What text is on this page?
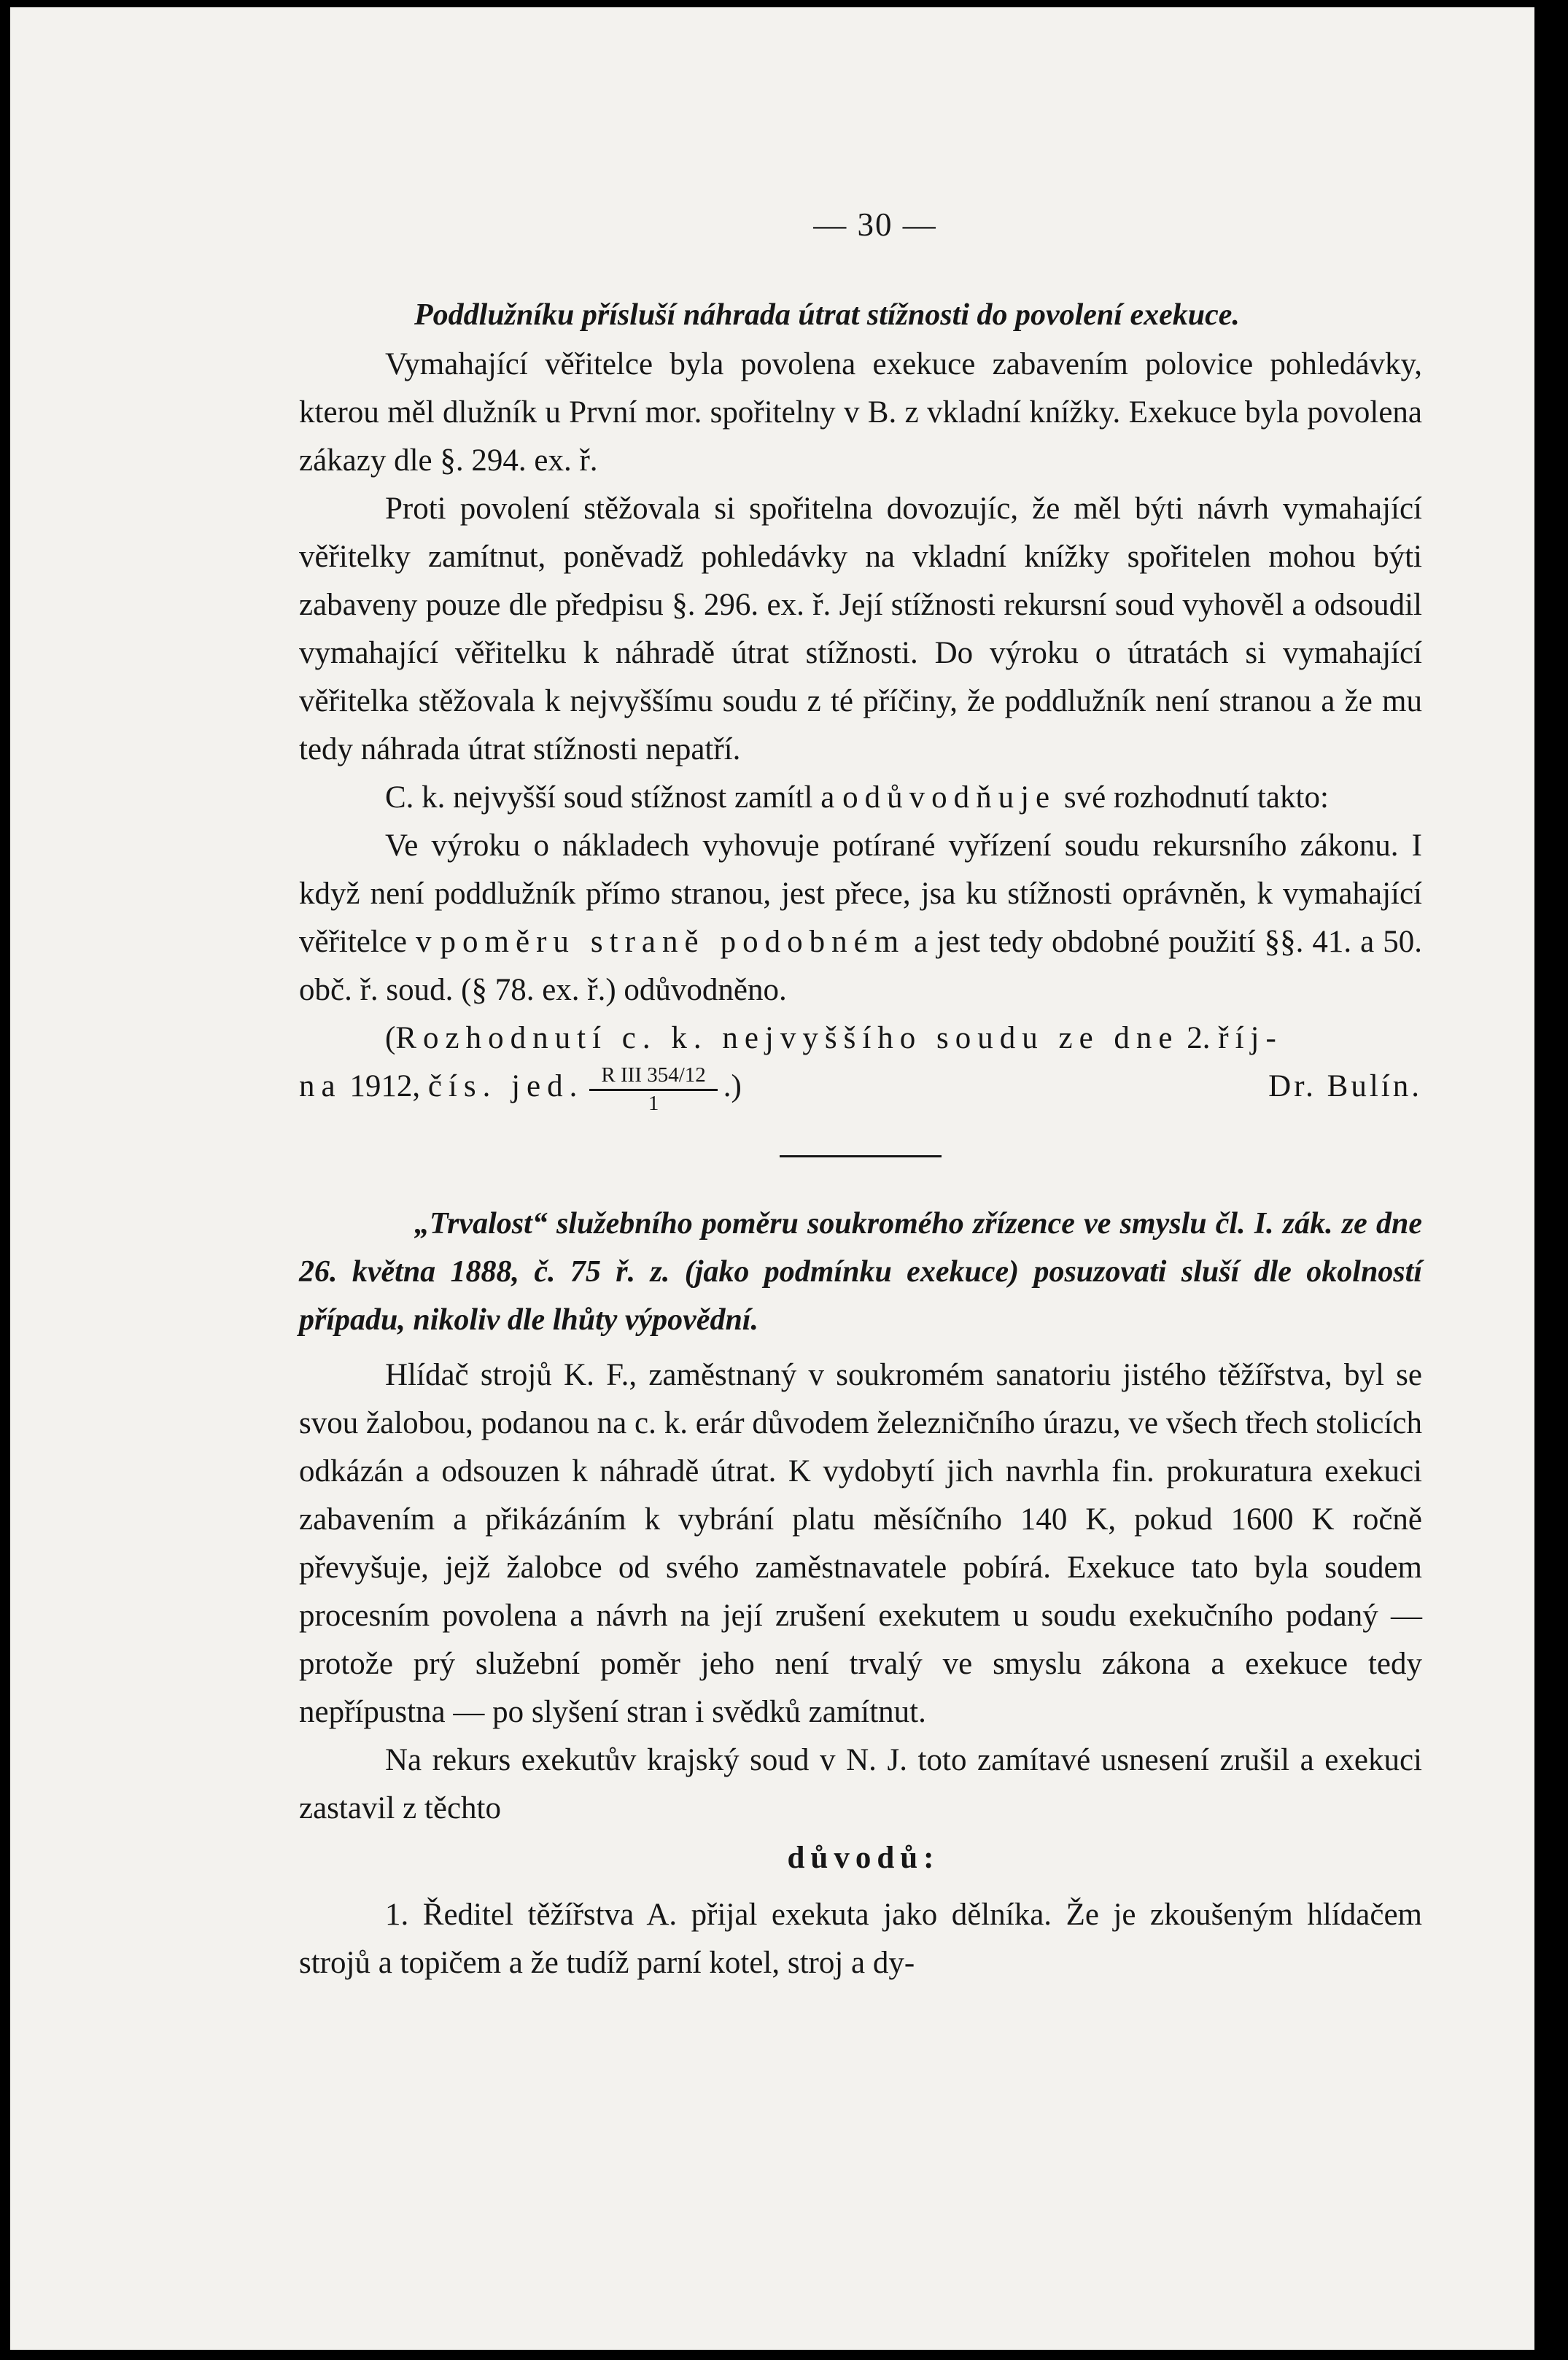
— 30 —

Poddlužníku přísluší náhrada útrat stížnosti do povolení exekuce.

Vymahající věřitelce byla povolena exekuce zabavením polovice pohledávky, kterou měl dlužník u První mor. spořitelny v B. z vkladní knížky. Exekuce byla povolena zákazy dle §. 294. ex. ř.

Proti povolení stěžovala si spořitelna dovozujíc, že měl býti návrh vymahající věřitelky zamítnut, poněvadž pohledávky na vkladní knížky spořitelen mohou býti zabaveny pouze dle předpisu §. 296. ex. ř. Její stížnosti rekursní soud vyhověl a odsoudil vymahající věřitelku k náhradě útrat stížnosti. Do výroku o útratách si vymahající věřitelka stěžovala k nejvyššímu soudu z té příčiny, že poddlužník není stranou a že mu tedy náhrada útrat stížnosti nepatří.

C. k. nejvyšší soud stížnost zamítl a odůvodňuje své rozhodnutí takto:

Ve výroku o nákladech vyhovuje potírané vyřízení soudu rekursního zákonu. I když není poddlužník přímo stranou, jest přece, jsa ku stížnosti oprávněn, k vymahající věřitelce v poměru straně podobném a jest tedy obdobné použití §§. 41. a 50. obč. ř. soud. (§ 78. ex. ř.) odůvodněno.

(Rozhodnutí c. k. nejvyššího soudu ze dne 2. říj-
na 1912, čís. jed. $\frac{\text{R III 354/12}}{1}$ .)	Dr. Bulín.

„Trvalost“ služebního poměru soukromého zřízence ve smyslu čl. I. zák. ze dne 26. května 1888, č. 75 ř. z. (jako podmínku exekuce) posuzovati sluší dle okolností případu, nikoliv dle lhůty výpovědní.

Hlídač strojů K. F., zaměstnaný v soukromém sanatoriu jistého těžířstva, byl se svou žalobou, podanou na c. k. erár důvodem železničního úrazu, ve všech třech stolicích odkázán a odsouzen k náhradě útrat. K vydobytí jich navrhla fin. prokuratura exekuci zabavením a přikázáním k vybrání platu měsíčního 140 K, pokud 1600 K ročně převyšuje, jejž žalobce od svého zaměstnavatele pobírá. Exekuce tato byla soudem procesním povolena a návrh na její zrušení exekutem u soudu exekučního podaný — protože prý služební poměr jeho není trvalý ve smyslu zákona a exekuce tedy nepřípustna — po slyšení stran i svědků zamítnut.

Na rekurs exekutův krajský soud v N. J. toto zamítavé usnesení zrušil a exekuci zastavil z těchto

důvodů:

1. Ředitel těžířstva A. přijal exekuta jako dělníka. Že je zkoušeným hlídačem strojů a topičem a že tudíž parní kotel, stroj a dy-
